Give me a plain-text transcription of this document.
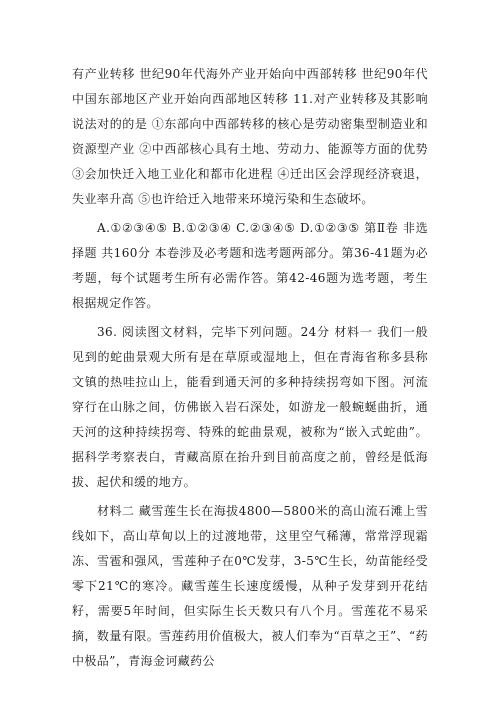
有产业转移 世纪90年代海外产业开始向中西部转移 世纪90年代中国东部地区产业开始向西部地区转移 11.对产业转移及其影响说法对的的是 ①东部向中西部转移的核心是劳动密集型制造业和资源型产业 ②中西部核心具有土地、劳动力、能源等方面的优势 ③会加快迁入地工业化和都市化进程 ④迁出区会浮现经济衰退，失业率升高 ⑤也许给迁入地带来环境污染和生态破坏。

A.①②③④⑤ B.①②③④ C.②③④⑤ D.①②③⑤ 第Ⅱ卷 非选择题 共160分 本卷涉及必考题和选考题两部分。第36-41题为必考题，每个试题考生所有必需作答。第42-46题为选考题，考生根据规定作答。

36. 阅读图文材料，完毕下列问题。24分 材料一 我们一般见到的蛇曲景观大所有是在草原或湿地上，但在青海省称多县称文镇的热哇拉山上，能看到通天河的多种持续拐弯如下图。河流穿行在山脉之间，仿佛嵌入岩石深处，如游龙一般蜿蜒曲折，通天河的这种持续拐弯、特殊的蛇曲景观，被称为“嵌入式蛇曲”。据科学考察表白，青藏高原在抬升到目前高度之前，曾经是低海拔、起伏和缓的地方。

材料二 藏雪莲生长在海拔4800—5800米的高山流石滩上雪线如下，高山草甸以上的过渡地带，这里空气稀薄，常常浮现霜冻、雪雹和强风，雪莲种子在0℃发芽，3-5℃生长，幼苗能经受零下21℃的寒冷。藏雪莲生长速度缓慢，从种子发芽到开花结籽，需要5年时间，但实际生长天数只有八个月。雪莲花不易采摘，数量有限。雪莲药用价值极大，被人们奉为“百草之王”、“药中极品”，青海金诃藏药公
